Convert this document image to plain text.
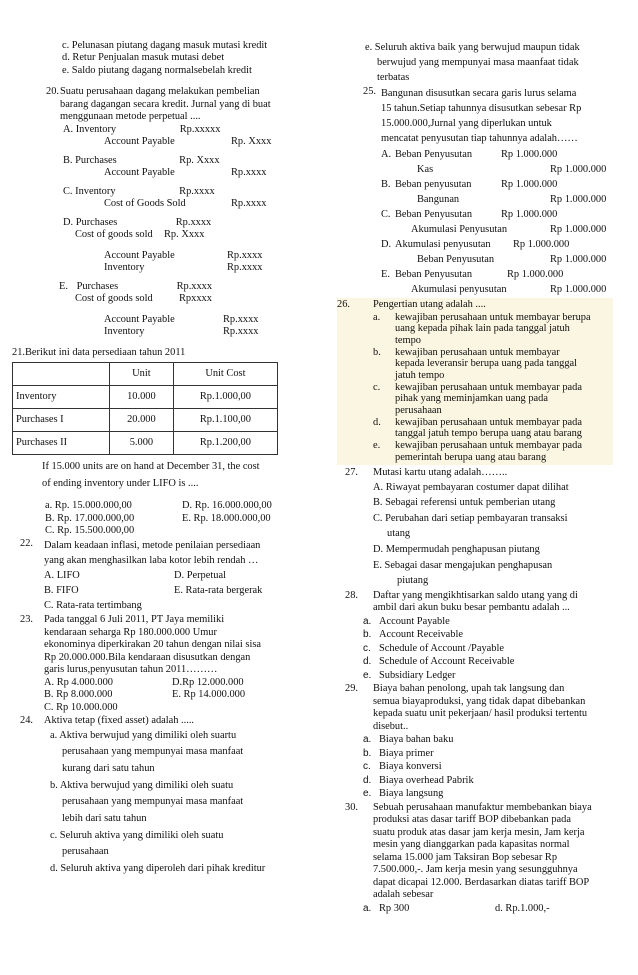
c. Pelunasan piutang dagang masuk mutasi kredit
d. Retur Penjualan masuk mutasi debet
e. Saldo piutang dagang normalsebelah kredit
20. Suatu perusahaan dagang melakukan pembelian
barang dagangan secara kredit. Jurnal yang di buat
menggunaan metode perpetual ....
A. Inventory	Rp.xxxxx
Account Payable	Rp. Xxxx
B. Purchases	Rp. Xxxx
Account Payable	Rp.xxxx
C. Inventory	Rp.xxxx
Cost of Goods Sold	Rp.xxxx
D. Purchases	Rp.xxxx
Cost of goods sold Rp. Xxxx
Account Payable	Rp.xxxx
Inventory	Rp.xxxx
E. Purchases	Rp.xxxx
Cost of goods sold	Rpxxxx
Account Payable	Rp.xxxx
Inventory	Rp.xxxx
21.Berikut ini data persediaan tahun 2011
	Unit	Unit Cost
Inventory	10.000	Rp.1.000,00
Purchases I	20.000	Rp.1.100,00
Purchases II	5.000	Rp.1.200,00
If 15.000 units are on hand at December 31, the cost
of ending inventory under LIFO is ....
a. Rp. 15.000.000,00	D. Rp. 16.000.000,00
B. Rp. 17.000.000,00	E. Rp. 18.000.000,00
C. Rp. 15.500.000,00
22.	Dalam keadaan inflasi, metode penilaian persediaan
yang akan menghasilkan laba kotor lebih rendah …
A. LIFO	D. Perpetual
B. FIFO	E. Rata-rata bergerak
C. Rata-rata tertimbang
23.	Pada tanggal 6 Juli 2011, PT Jaya memiliki
kendaraan seharga Rp 180.000.000 Umur
ekonominya diperkirakan 20 tahun dengan nilai sisa
Rp 20.000.000.Bila kendaraan disusutkan dengan
garis lurus,penyusutan tahun 2011………
A. Rp 4.000.000	D.Rp 12.000.000
B. Rp 8.000.000	E. Rp 14.000.000
C. Rp 10.000.000
24.	Aktiva tetap (fixed asset) adalah .....
a. Aktiva berwujud yang dimiliki oleh suartu
perusahaan yang mempunyai masa manfaat
kurang dari satu tahun
b. Aktiva berwujud yang dimiliki oleh suatu
perusahaan yang mempunyai masa manfaat
lebih dari satu tahun
c. Seluruh aktiva yang dimiliki oleh suatu
perusahaan
d. Seluruh aktiva yang diperoleh dari pihak kreditur
e. Seluruh aktiva baik yang berwujud maupun tidak
berwujud yang mempunyai masa maanfaat tidak
terbatas
25. Bangunan disusutkan secara garis lurus selama
15 tahun.Setiap tahunnya disusutkan sebesar Rp
15.000.000,Jurnal yang diperlukan untuk
mencatat penyusutan tiap tahunnya adalah……
A. Beban Penyusutan	Rp 1.000.000
Kas	Rp 1.000.000
B. Beban penyusutan	Rp 1.000.000
Bangunan	Rp 1.000.000
C. Beban Penyusutan	Rp 1.000.000
Akumulasi Penyusutan	Rp 1.000.000
D. Akumulasi penyusutan Rp 1.000.000
Beban Penyusutan	Rp 1.000.000
E. Beban Penyusutan	Rp 1.000.000
Akumulasi penyusutan	Rp 1.000.000
26.	Pengertian utang adalah ....
a.	kewajiban perusahaan untuk membayar berupa
uang kepada pihak lain pada tanggal jatuh
tempo
b.	kewajiban perusahaan untuk membayar
kepada leveransir berupa uang pada tanggal
jatuh tempo
c.	kewajiban perusahaan untuk membayar pada
pihak yang meminjamkan uang pada
perusahaan
d.	kewajiban perusahaan untuk membayar pada
tanggal jatuh tempo berupa uang atau barang
e.	kewajiban perusahaan untuk membayar pada
pemerintah berupa uang atau barang
27.	Mutasi kartu utang adalah……..
A. Riwayat pembayaran costumer dapat dilihat
B. Sebagai referensi untuk pemberian utang
C. Perubahan dari setiap pembayaran transaksi
utang
D. Mempermudah penghapusan piutang
E. Sebagai dasar mengajukan penghapusan
piutang
28.	Daftar yang mengikhtisarkan saldo utang yang di
ambil dari akun buku besar pembantu adalah ...
a. Account Payable
b. Account Receivable
c. Schedule of Account /Payable
d. Schedule of Account Receivable
e. Subsidiary Ledger
29.	Biaya bahan penolong, upah tak langsung dan
semua biayaproduksi, yang tidak dapat dibebankan
kepada suatu unit pekerjaan/ hasil produksi tertentu
disebut..
a. Biaya bahan baku
b. Biaya primer
c. Biaya konversi
d. Biaya overhead Pabrik
e. Biaya langsung
30.	Sebuah perusahaan manufaktur membebankan biaya
produksi atas dasar tariff BOP dibebankan pada
suatu produk atas dasar jam kerja mesin, Jam kerja
mesin yang dianggarkan pada kapasitas normal
selama 15.000 jam Taksiran Bop sebesar Rp
7.500.000,-. Jam kerja mesin yang sesungguhnya
dapat dicapai 12.000. Berdasarkan diatas tariff BOP
adalah sebesar
a. Rp 300	d. Rp.1.000,-
